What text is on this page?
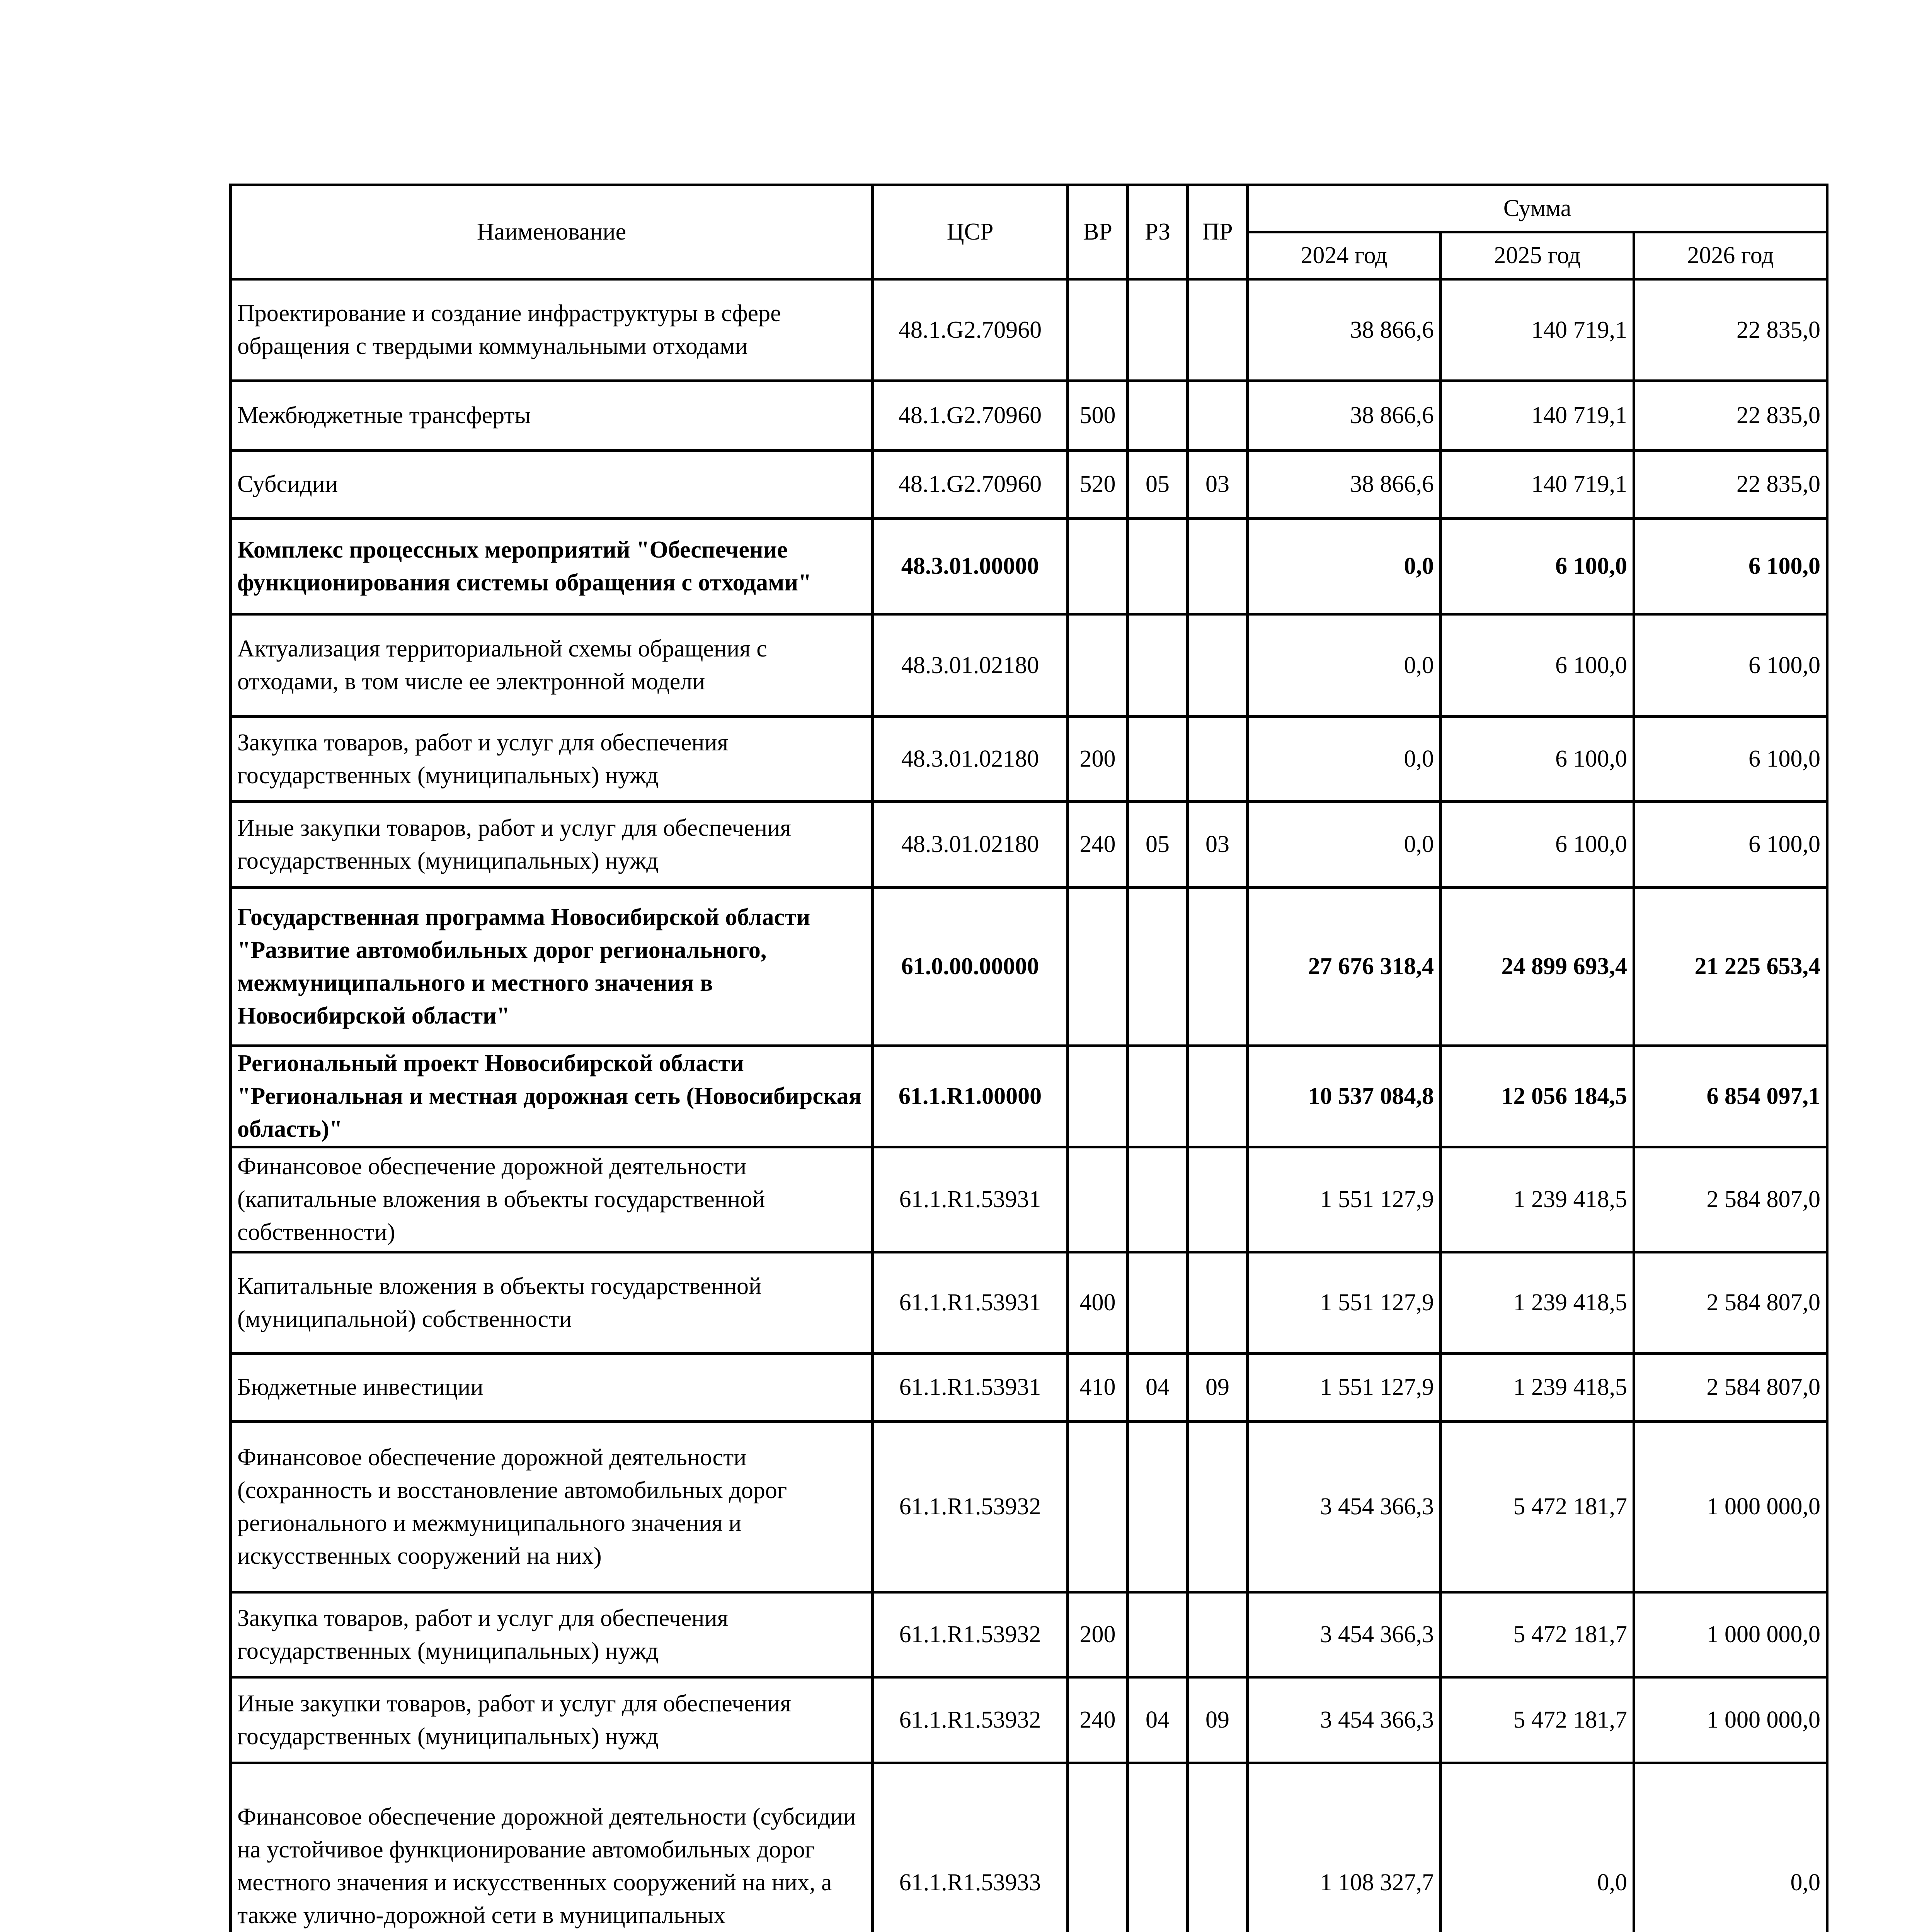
Наименование	ЦСР	ВР	РЗ	ПР	Сумма		
					2024 год	2025 год	2026 год
Проектирование и создание инфраструктуры в сфере обращения с твердыми коммунальными отходами	48.1.G2.70960				38 866,6	140 719,1	22 835,0
Межбюджетные трансферты	48.1.G2.70960	500			38 866,6	140 719,1	22 835,0
Субсидии	48.1.G2.70960	520	05	03	38 866,6	140 719,1	22 835,0
Комплекс процессных мероприятий "Обеспечение функционирования системы обращения с отходами"	48.3.01.00000				0,0	6 100,0	6 100,0
Актуализация территориальной схемы обращения с отходами, в том числе ее электронной модели	48.3.01.02180				0,0	6 100,0	6 100,0
Закупка товаров, работ и услуг для обеспечения государственных (муниципальных) нужд	48.3.01.02180	200			0,0	6 100,0	6 100,0
Иные закупки товаров, работ и услуг для обеспечения государственных (муниципальных) нужд	48.3.01.02180	240	05	03	0,0	6 100,0	6 100,0
Государственная программа Новосибирской области "Развитие автомобильных дорог регионального, межмуниципального и местного значения в Новосибирской области"	61.0.00.00000				27 676 318,4	24 899 693,4	21 225 653,4
Региональный проект Новосибирской области "Региональная и местная дорожная сеть (Новосибирская область)"	61.1.R1.00000				10 537 084,8	12 056 184,5	6 854 097,1
Финансовое обеспечение дорожной деятельности (капитальные вложения в объекты государственной собственности)	61.1.R1.53931				1 551 127,9	1 239 418,5	2 584 807,0
Капитальные вложения в объекты государственной (муниципальной) собственности	61.1.R1.53931	400			1 551 127,9	1 239 418,5	2 584 807,0
Бюджетные инвестиции	61.1.R1.53931	410	04	09	1 551 127,9	1 239 418,5	2 584 807,0
Финансовое обеспечение дорожной деятельности (сохранность и восстановление автомобильных дорог регионального и межмуниципального значения и искусственных сооружений на них)	61.1.R1.53932				3 454 366,3	5 472 181,7	1 000 000,0
Закупка товаров, работ и услуг для обеспечения государственных (муниципальных) нужд	61.1.R1.53932	200			3 454 366,3	5 472 181,7	1 000 000,0
Иные закупки товаров, работ и услуг для обеспечения государственных (муниципальных) нужд	61.1.R1.53932	240	04	09	3 454 366,3	5 472 181,7	1 000 000,0
Финансовое обеспечение дорожной деятельности (субсидии на устойчивое функционирование автомобильных дорог местного значения и искусственных сооружений на них, а также улично-дорожной сети в муниципальных	61.1.R1.53933				1 108 327,7	0,0	0,0
